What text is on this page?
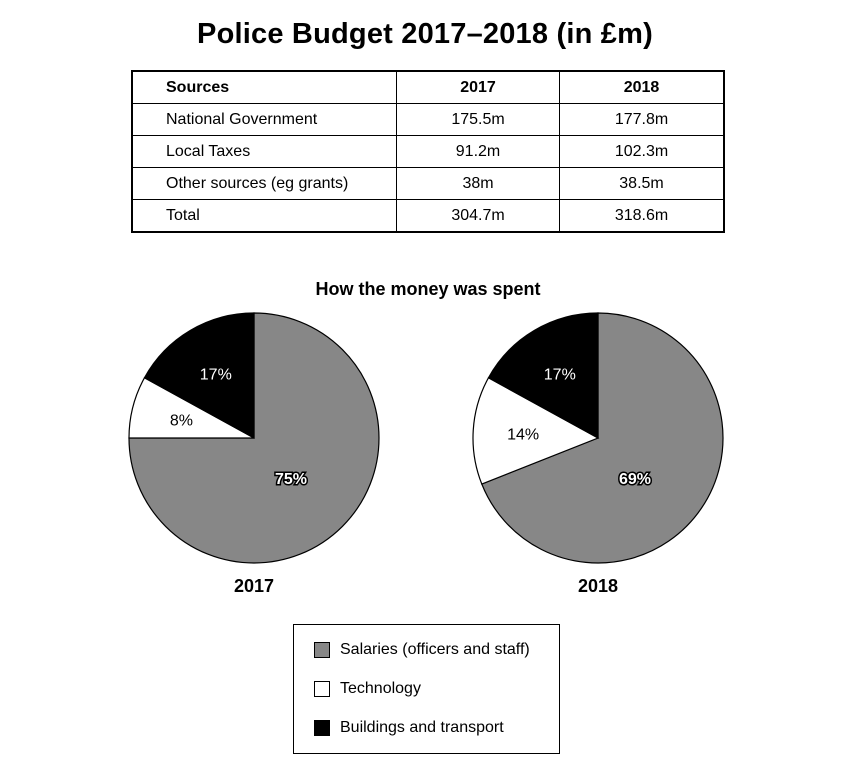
Police Budget 2017–2018 (in £m)
Sources	2017	2018
National Government	175.5m	177.8m
Local Taxes	91.2m	102.3m
Other sources (eg grants)	38m	38.5m
Total	304.7m	318.6m
How the money was spent
75%
8%
17%
2017
69%
14%
17%
2018
Salaries (officers and staff)
Technology
Buildings and transport
